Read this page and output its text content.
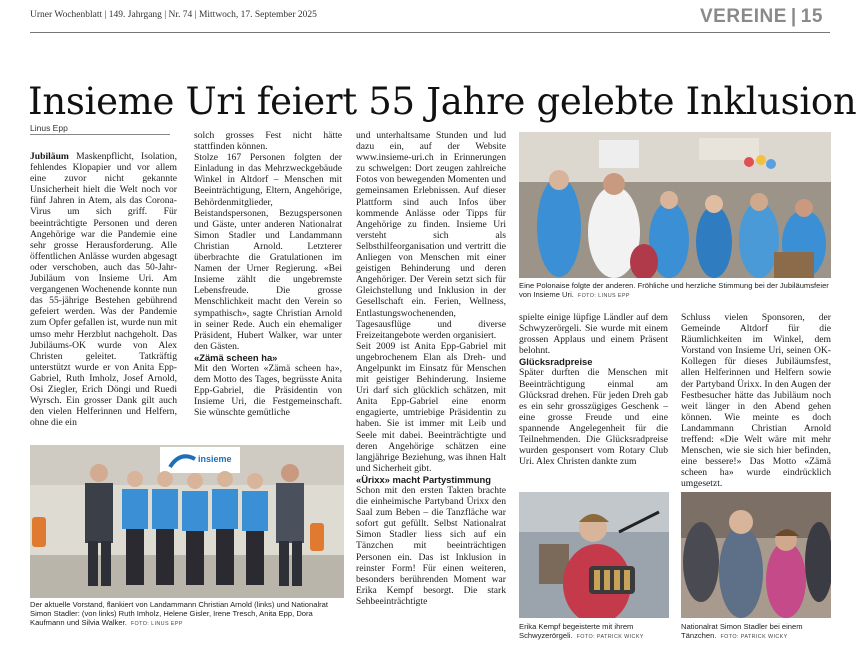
Urner Wochenblatt | 149. Jahrgang | Nr. 74 | Mittwoch, 17. September 2025	VEREINE | 15
Insieme Uri feiert 55 Jahre gelebte Inklusion
Linus Epp

Jubiläum Maskenpflicht, Isolation, fehlendes Klopapier und vor allem eine zuvor nicht gekannte Unsicherheit hielt die Welt noch vor fünf Jahren in Atem, als das Corona-Virus um sich griff. Für beeinträchtigte Personen und deren Angehörige war die Pandemie eine sehr grosse Herausforderung. Alle öffentlichen Anlässe wurden abgesagt oder verschoben, auch das 50-Jahr-Jubiläum von Insieme Uri. Am vergangenen Wochenende konnte nun das 55-jährige Bestehen gebührend gefeiert werden. Was der Pandemie zum Opfer gefallen ist, wurde nun mit umso mehr Herzblut nachgeholt. Das Jubiläums-OK wurde von Alex Christen geleitet. Tatkräftig unterstützt wurde er von Anita Epp-Gabriel, Ruth Imholz, Josef Arnold, Osi Ziegler, Erich Döngi und Ruedi Wyrsch. Ein grosser Dank gilt auch den vielen Helferinnen und Helfern, ohne die ein

solch grosses Fest nicht hätte stattfinden können.

Stolze 167 Personen folgten der Einladung in das Mehrzweckgebäude Winkel in Altdorf – Menschen mit Beeinträchtigung, Eltern, Angehörige, Behördenmitglieder, Beistandspersonen, Bezugspersonen und Gäste, unter anderen Nationalrat Simon Stadler und Landammann Christian Arnold. Letzterer überbrachte die Gratulationen im Namen der Urner Regierung. «Bei Insieme zählt die ungebremste Lebensfreude. Die grosse Menschlichkeit macht den Verein so sympathisch», sagte Christian Arnold in seiner Rede. Auch ein ehemaliger Präsident, Hubert Walker, war unter den Gästen.

«Zämä scheen ha»

Mit den Worten «Zämä scheen ha», dem Motto des Tages, begrüsste Anita Epp-Gabriel, die Präsidentin von Insieme Uri, die Festgemeinschaft. Sie wünschte gemütliche

und unterhaltsame Stunden und lud dazu ein, auf der Website www.insieme-uri.ch in Erinnerungen zu schwelgen: Dort zeugen zahlreiche Fotos von bewegenden Momenten und gemeinsamen Erlebnissen. Auf dieser Plattform sind auch Infos über kommende Anlässe oder Tipps für Angehörige zu finden. Insieme Uri versteht sich als Selbsthilfeorganisation und vertritt die Anliegen von Menschen mit einer geistigen Behinderung und deren Angehöriger. Der Verein setzt sich für Gleichstellung und Inklusion in der Gesellschaft ein. Ferien, Wellness, Entlastungswochenenden, Tagesausflüge und diverse Freizeitangebote werden organisiert.

Seit 2009 ist Anita Epp-Gabriel mit ungebrochenem Elan als Dreh- und Angelpunkt im Einsatz für Menschen mit geistiger Behinderung. Insieme Uri darf sich glücklich schätzen, mit Anita Epp-Gabriel eine enorm engagierte, umtriebige Präsidentin zu haben. Sie ist immer mit Leib und Seele mit dabei. Beeinträchtigte und deren Angehörige schätzen eine langjährige Beziehung, was ihnen Halt und Sicherheit gibt.

«Ürixx» macht Partystimmung

Schon mit den ersten Takten brachte die einheimische Partyband Ürixx den Saal zum Beben – die Tanzfläche war sofort gut gefüllt. Selbst Nationalrat Simon Stadler liess sich auf ein Tänzchen mit beeinträchtigen Personen ein. Das ist Inklusion in reinster Form! Für einen weiteren, besonders berührenden Moment war Erika Kempf besorgt. Die stark Sehbeeinträchtigte

spielte einige lüpfige Ländler auf dem Schwyzerörgeli. Sie wurde mit einem grossen Applaus und einem Präsent belohnt.

Glücksradpreise

Später durften die Menschen mit Beeinträchtigung einmal am Glücksrad drehen. Für jeden Dreh gab es ein sehr grosszügiges Geschenk – eine grosse Freude und eine spannende Angelegenheit für die Teilnehmenden. Die Glücksradpreise wurden gesponsert vom Rotary Club Uri. Alex Christen dankte zum

Schluss vielen Sponsoren, der Gemeinde Altdorf für die Räumlichkeiten im Winkel, dem Vorstand von Insieme Uri, seinen OK-Kollegen für dieses Jubiläumsfest, allen Helferinnen und Helfern sowie der Partyband Ürixx. In den Augen der Festbesucher hätte das Jubiläum noch weit länger in den Abend gehen können. Wie meinte es doch Landammann Christian Arnold treffend: «Die Welt wäre mit mehr Menschen, wie sie sich hier befinden, eine bessere!» Das Motto «Zämä scheen ha» wurde eindrücklich umgesetzt.

Eine Polonaise folgte der anderen. Fröhliche und herzliche Stimmung bei der Jubiläumsfeier von Insieme Uri. FOTO: LINUS EPP
insieme
Der aktuelle Vorstand, flankiert von Landammann Christian Arnold (links) und Nationalrat Simon Stadler: (von links) Ruth Imholz, Helene Gisler, Irene Tresch, Anita Epp, Dora Kaufmann und Silvia Walker. FOTO: LINUS EPP	Erika Kempf begeisterte mit ihrem Schwyzerörgeli. FOTO: PATRICK WICKY
Nationalrat Simon Stadler bei einem Tänzchen. FOTO: PATRICK WICKY
